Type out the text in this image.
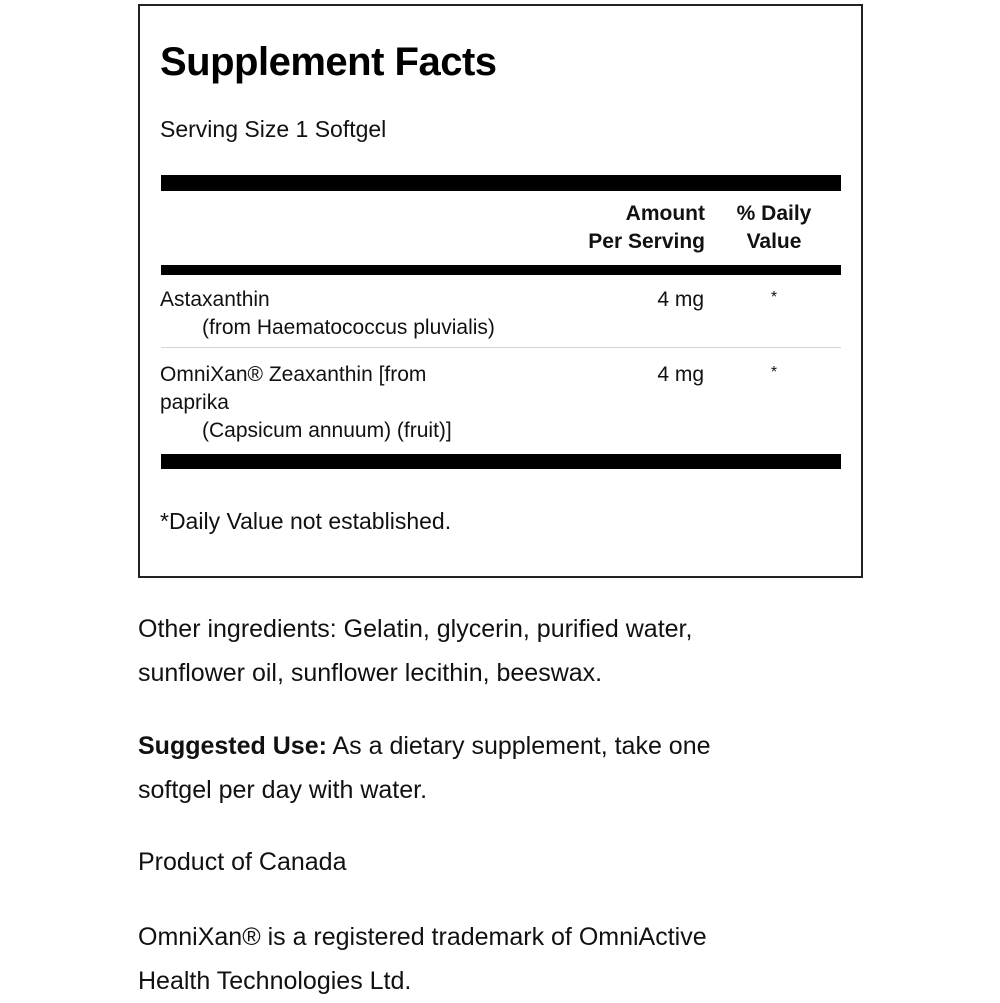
Supplement Facts
Serving Size 1 Softgel
Amount
Per Serving
% Daily
Value
Astaxanthin
(from Haematococcus pluvialis)
4 mg	*
OmniXan® Zeaxanthin [from
paprika
(Capsicum annuum) (fruit)]
4 mg	*
*Daily Value not established.
Other ingredients: Gelatin, glycerin, purified water,
sunflower oil, sunflower lecithin, beeswax.
Suggested Use: As a dietary supplement, take one
softgel per day with water.
Product of Canada
OmniXan® is a registered trademark of OmniActive
Health Technologies Ltd.
